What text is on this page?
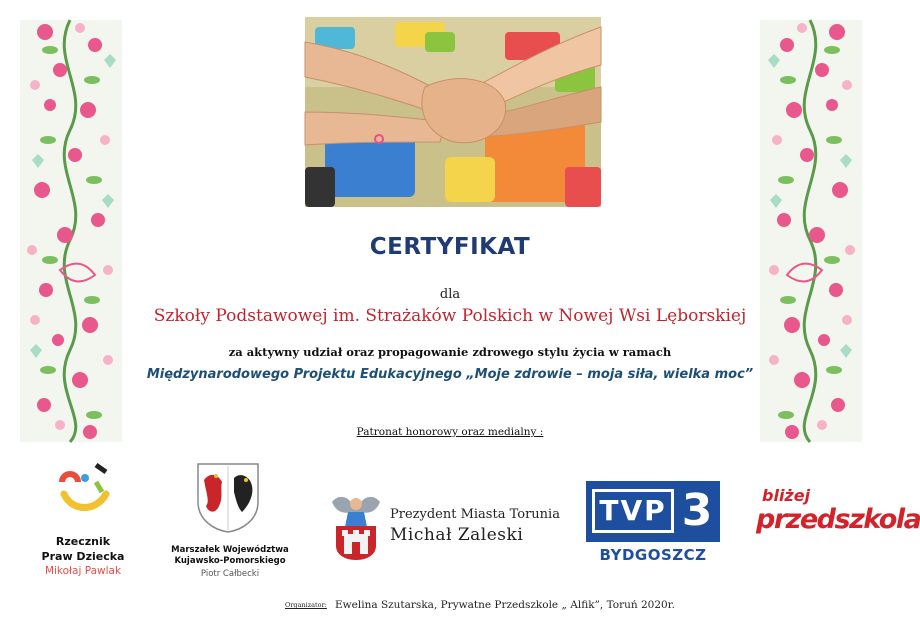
CERTYFIKAT
dla
Szkoły Podstawowej im. Strażaków Polskich w Nowej Wsi Lęborskiej
za aktywny udział oraz propagowanie zdrowego stylu życia w ramach
Międzynarodowego Projektu Edukacyjnego „Moje zdrowie – moja siła, wielka moc”
Patronat honorowy oraz medialny :
Rzecznik
Praw Dziecka
Mikołaj Pawlak
Marszałek Województwa
Kujawsko-Pomorskiego
Piotr Całbecki
Prezydent Miasta Torunia
Michał Zaleski
TVP 3
BYDGOSZCZ
bliżej
przedszkola
Organizator: Ewelina Szutarska, Prywatne Przedszkole „ Alfik”, Toruń 2020r.
